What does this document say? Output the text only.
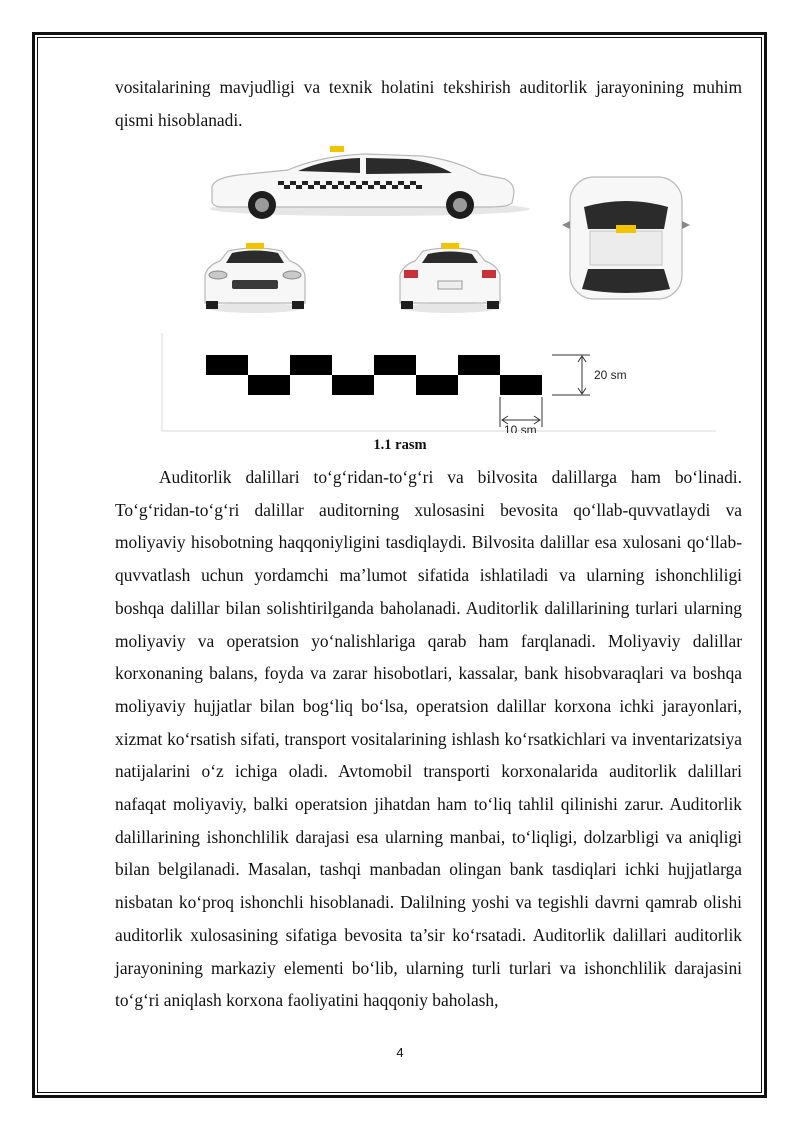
vositalarining mavjudligi va texnik holatini tekshirish auditorlik jarayonining muhim qismi hisoblanadi.
20 sm
10 sm
1.1 rasm
Auditorlik dalillari to‘g‘ridan-to‘g‘ri va bilvosita dalillarga ham bo‘linadi. To‘g‘ridan-to‘g‘ri dalillar auditorning xulosasini bevosita qo‘llab-quvvatlaydi va moliyaviy hisobotning haqqoniyligini tasdiqlaydi. Bilvosita dalillar esa xulosani qo‘llab-quvvatlash uchun yordamchi ma’lumot sifatida ishlatiladi va ularning ishonchliligi boshqa dalillar bilan solishtirilganda baholanadi. Auditorlik dalillarining turlari ularning moliyaviy va operatsion yo‘nalishlariga qarab ham farqlanadi. Moliyaviy dalillar korxonaning balans, foyda va zarar hisobotlari, kassalar, bank hisobvaraqlari va boshqa moliyaviy hujjatlar bilan bog‘liq bo‘lsa, operatsion dalillar korxona ichki jarayonlari, xizmat ko‘rsatish sifati, transport vositalarining ishlash ko‘rsatkichlari va inventarizatsiya natijalarini o‘z ichiga oladi. Avtomobil transporti korxonalarida auditorlik dalillari nafaqat moliyaviy, balki operatsion jihatdan ham to‘liq tahlil qilinishi zarur. Auditorlik dalillarining ishonchlilik darajasi esa ularning manbai, to‘liqligi, dolzarbligi va aniqligi bilan belgilanadi. Masalan, tashqi manbadan olingan bank tasdiqlari ichki hujjatlarga nisbatan ko‘proq ishonchli hisoblanadi. Dalilning yoshi va tegishli davrni qamrab olishi auditorlik xulosasining sifatiga bevosita ta’sir ko‘rsatadi. Auditorlik dalillari auditorlik jarayonining markaziy elementi bo‘lib, ularning turli turlari va ishonchlilik darajasini to‘g‘ri aniqlash korxona faoliyatini haqqoniy baholash,
4
